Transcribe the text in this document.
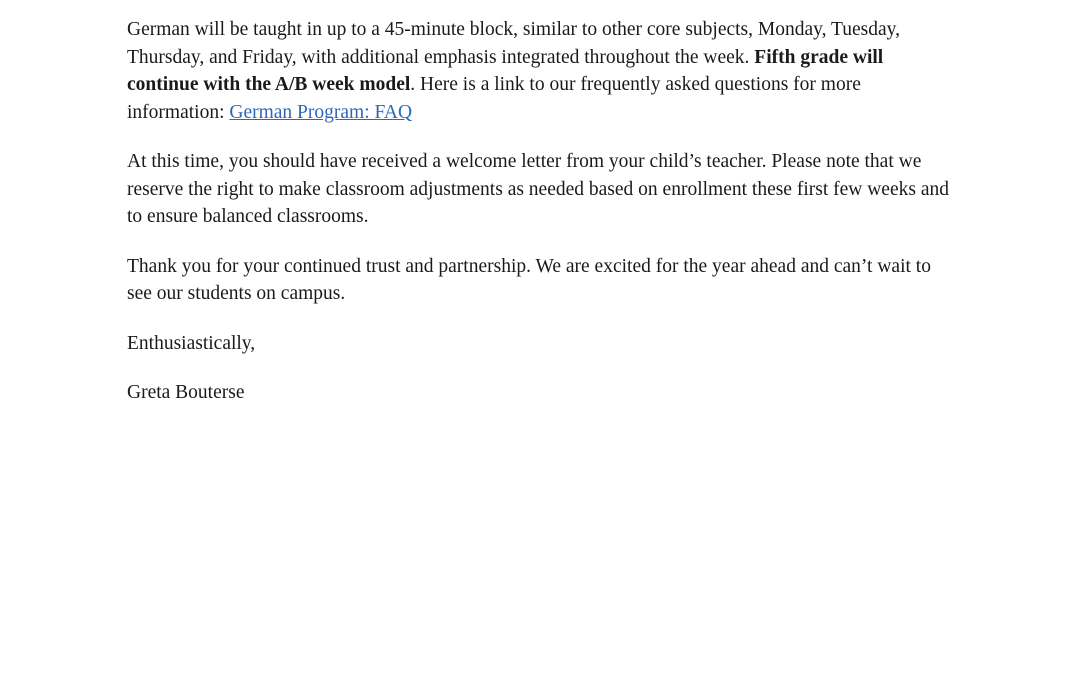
German will be taught in up to a 45-minute block, similar to other core subjects, Monday, Tuesday, Thursday, and Friday, with additional emphasis integrated throughout the week. Fifth grade will continue with the A/B week model. Here is a link to our frequently asked questions for more information: German Program: FAQ

At this time, you should have received a welcome letter from your child’s teacher. Please note that we reserve the right to make classroom adjustments as needed based on enrollment these first few weeks and to ensure balanced classrooms.

Thank you for your continued trust and partnership. We are excited for the year ahead and can’t wait to see our students on campus.

Enthusiastically,

Greta Bouterse
